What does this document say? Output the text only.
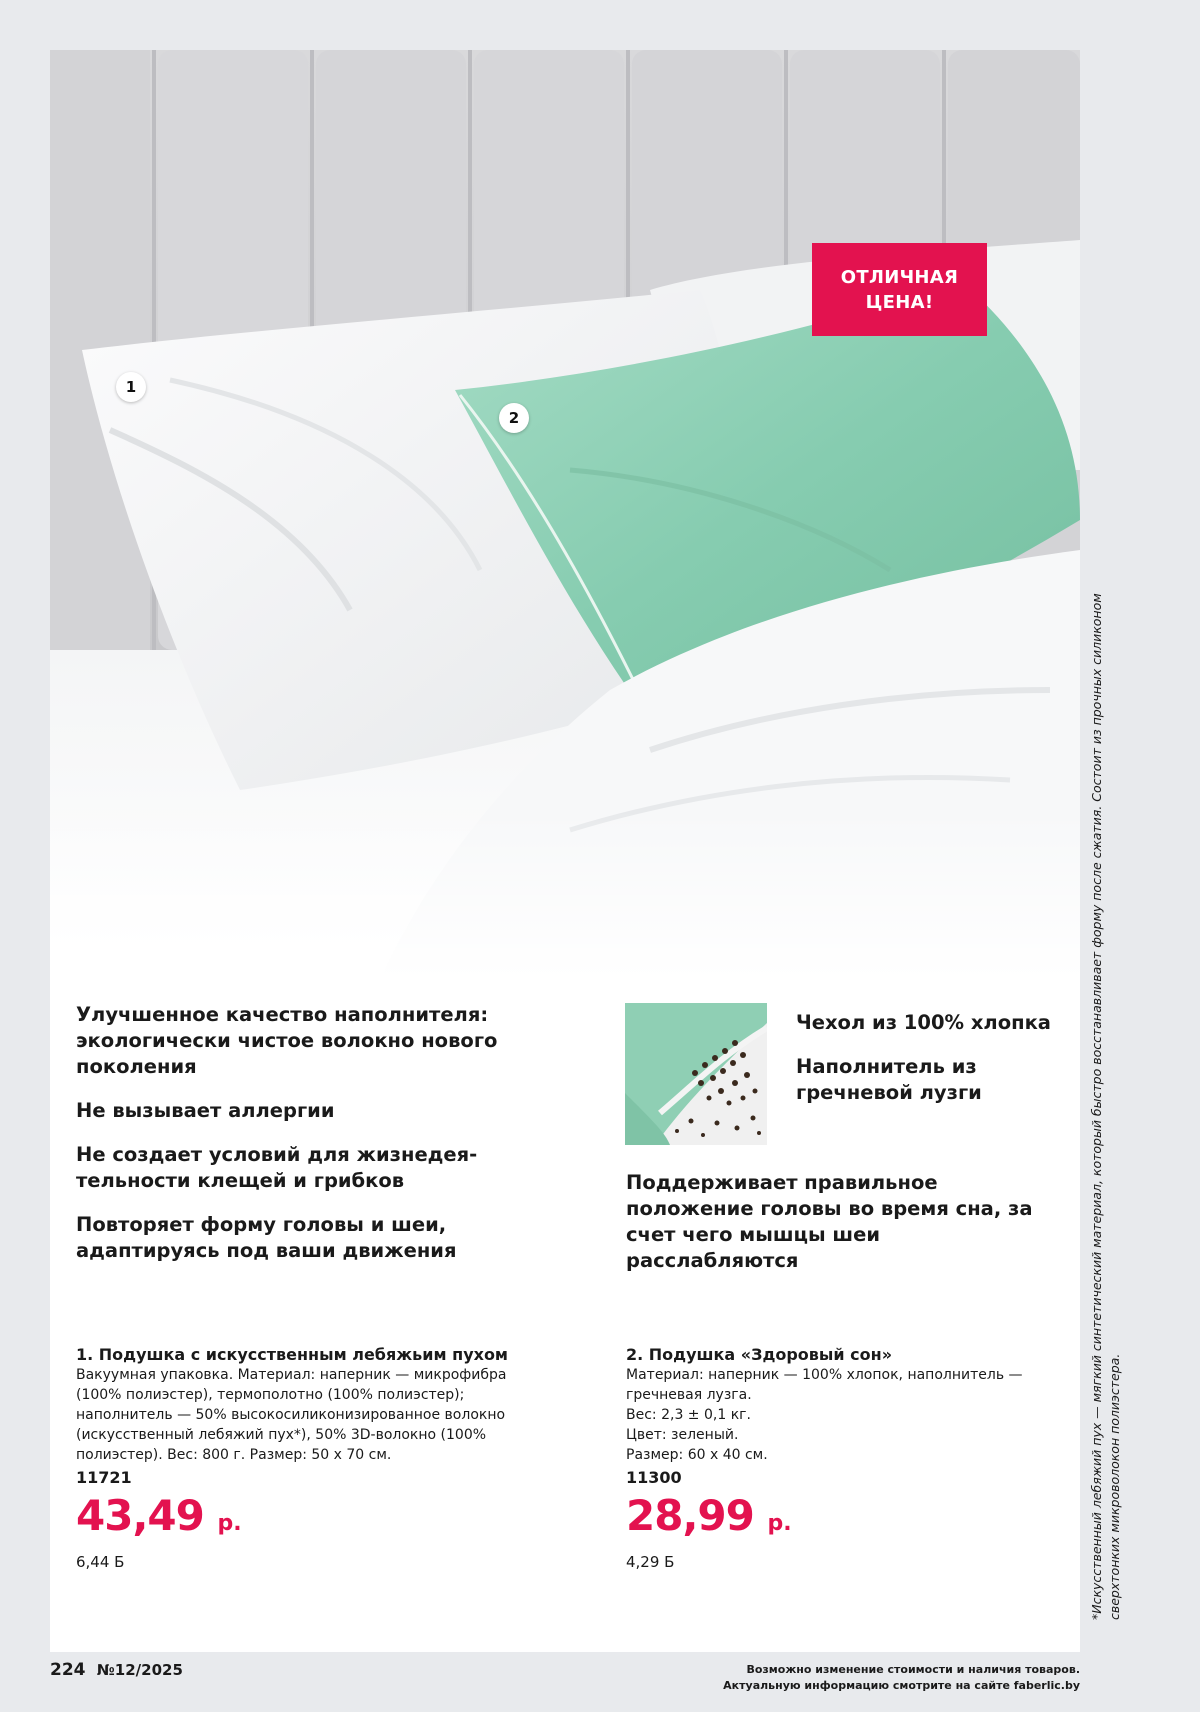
ОТЛИЧНАЯ
ЦЕНА!
1
2

Улучшенное качество наполнителя: экологически чистое волокно нового поколения

Не вызывает аллергии

Не создает условий для жизнедея-тельности клещей и грибков

Повторяет форму головы и шеи, адаптируясь под ваши движения

Чехол из 100% хлопка

Наполнитель из гречневой лузги

Поддерживает правильное положение головы во время сна, за счет чего мышцы шеи расслабляются

1. Подушка с искусственным лебяжьим пухом

Вакуумная упаковка. Материал: наперник — микрофибра (100% полиэстер), термополотно (100% полиэстер); наполнитель — 50% высокосиликонизированное волокно (искусственный лебяжий пух*), 50% 3D-волокно (100% полиэстер). Вес: 800 г. Размер: 50 х 70 см.

11721

43,49 р.

6,44 Б

2. Подушка «Здоровый сон»

Материал: наперник — 100% хлопок, наполнитель — гречневая лузга.

Вес: 2,3 ± 0,1 кг.

Цвет: зеленый.

Размер: 60 х 40 см.

11300

28,99 р.

4,29 Б	*Искусственный лебяжий пух — мягкий синтетический материал, который быстро восстанавливает форму после сжатия. Состоит из прочных силиконом сверхтонких микроволокон полиэстера.
224 №12/2025	Возможно изменение стоимости и наличия товаров.
Актуальную информацию смотрите на сайте faberlic.by
